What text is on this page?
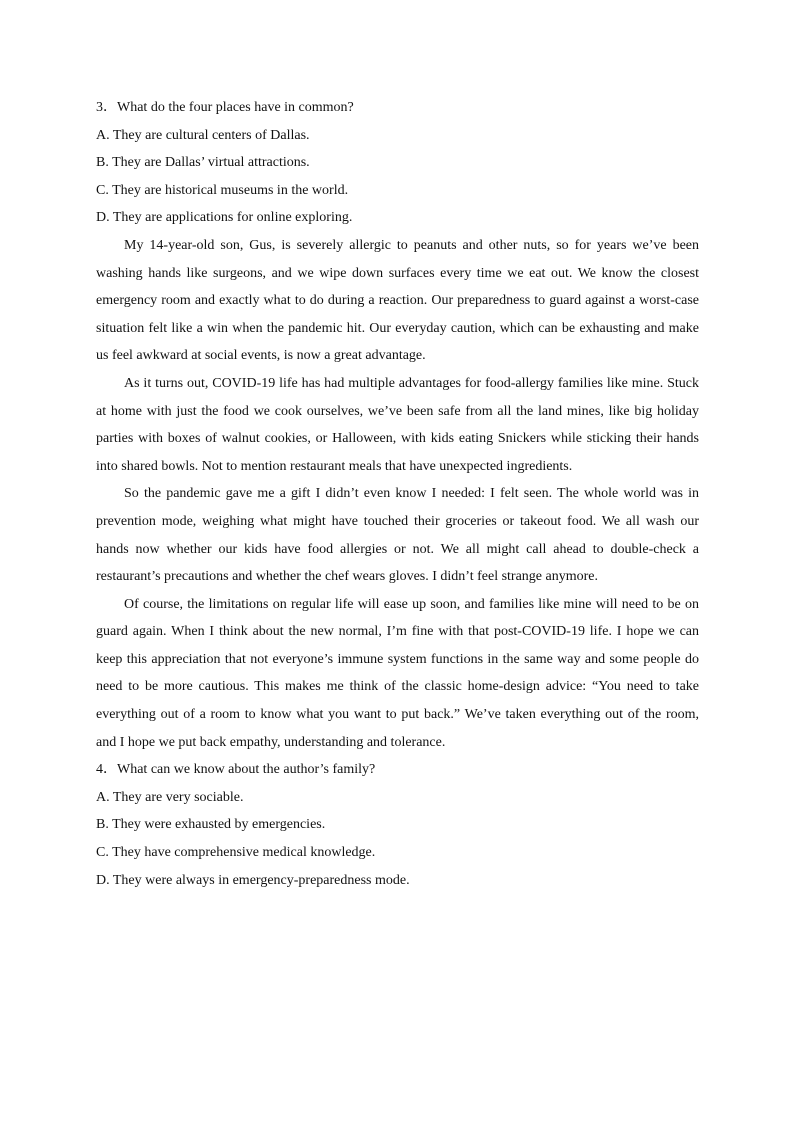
3．What do the four places have in common?

A. They are cultural centers of Dallas.

B. They are Dallas’ virtual attractions.

C. They are historical museums in the world.

D. They are applications for online exploring.

My 14-year-old son, Gus, is severely allergic to peanuts and other nuts, so for years we’ve been washing hands like surgeons, and we wipe down surfaces every time we eat out. We know the closest emergency room and exactly what to do during a reaction. Our preparedness to guard against a worst-case situation felt like a win when the pandemic hit. Our everyday caution, which can be exhausting and make us feel awkward at social events, is now a great advantage.

As it turns out, COVID-19 life has had multiple advantages for food-allergy families like mine. Stuck at home with just the food we cook ourselves, we’ve been safe from all the land mines, like big holiday parties with boxes of walnut cookies, or Halloween, with kids eating Snickers while sticking their hands into shared bowls. Not to mention restaurant meals that have unexpected ingredients.

So the pandemic gave me a gift I didn’t even know I needed: I felt seen. The whole world was in prevention mode, weighing what might have touched their groceries or takeout food. We all wash our hands now whether our kids have food allergies or not. We all might call ahead to double-check a restaurant’s precautions and whether the chef wears gloves. I didn’t feel strange anymore.

Of course, the limitations on regular life will ease up soon, and families like mine will need to be on guard again. When I think about the new normal, I’m fine with that post-COVID-19 life. I hope we can keep this appreciation that not everyone’s immune system functions in the same way and some people do need to be more cautious. This makes me think of the classic home-design advice: “You need to take everything out of a room to know what you want to put back.” We’ve taken everything out of the room, and I hope we put back empathy, understanding and tolerance.

4．What can we know about the author’s family?

A. They are very sociable.

B. They were exhausted by emergencies.

C. They have comprehensive medical knowledge.

D. They were always in emergency-preparedness mode.
